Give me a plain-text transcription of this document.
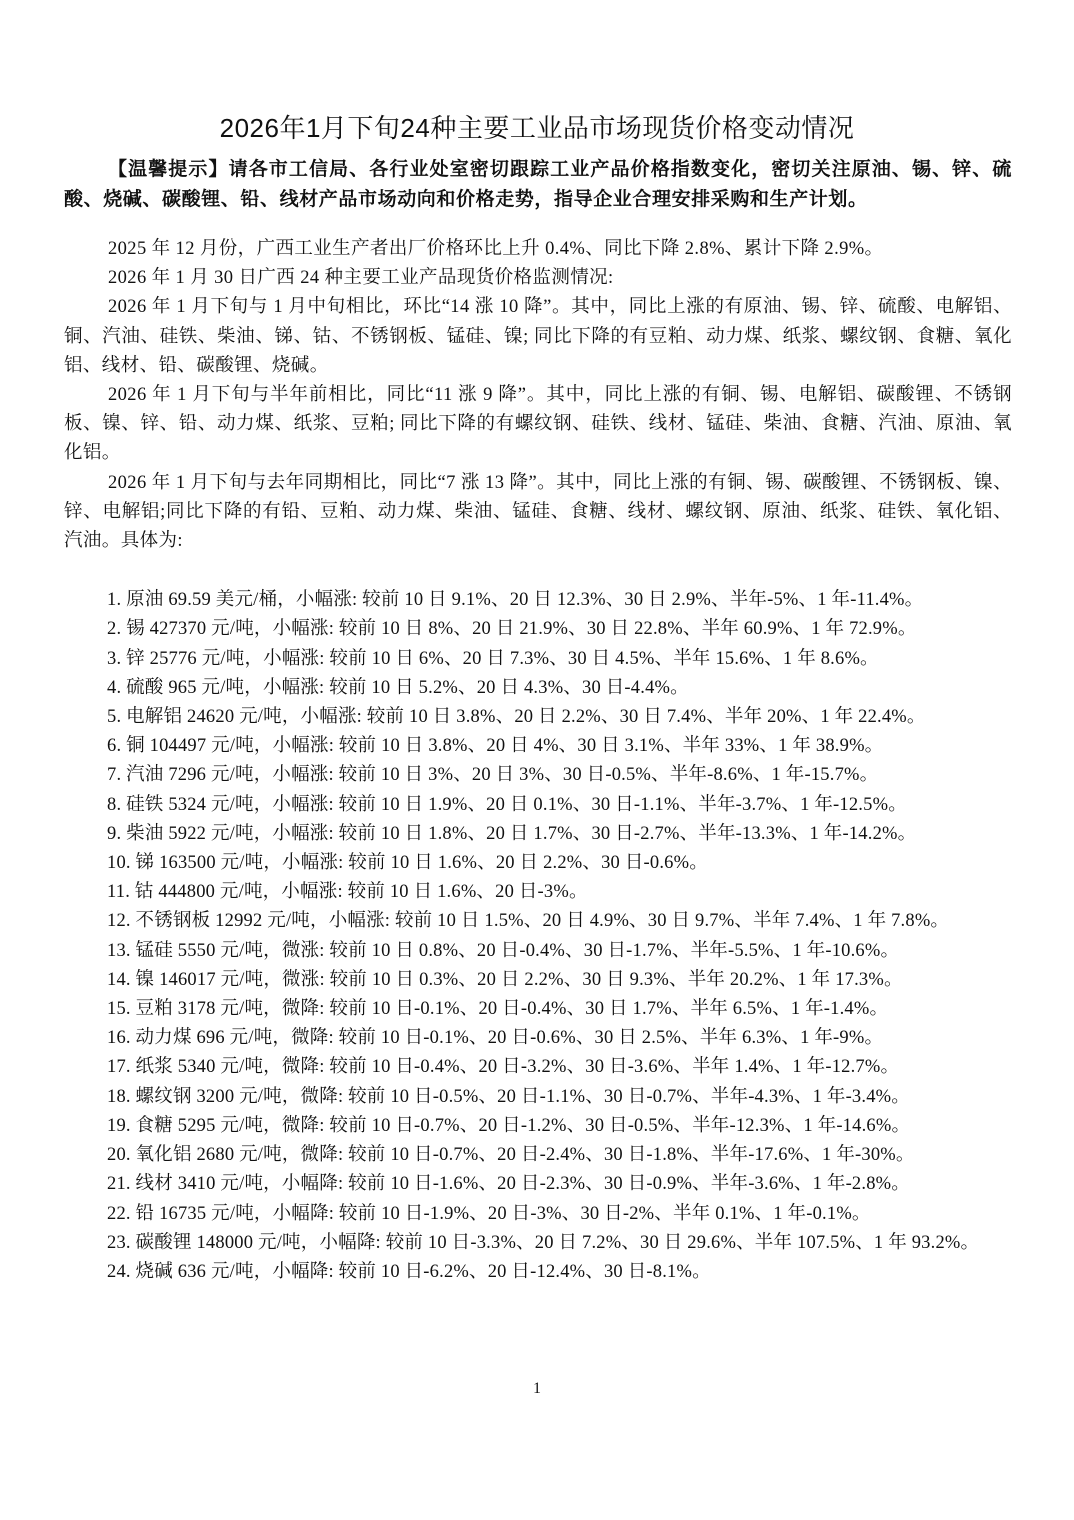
2026年1月下旬24种主要工业品市场现货价格变动情况
【温馨提示】请各市工信局、各行业处室密切跟踪工业产品价格指数变化，密切关注原油、锡、锌、硫酸、烧碱、碳酸锂、铅、线材产品市场动向和价格走势，指导企业合理安排采购和生产计划。

2025 年 12 月份，广西工业生产者出厂价格环比上升 0.4%、同比下降 2.8%、累计下降 2.9%。

2026 年 1 月 30 日广西 24 种主要工业产品现货价格监测情况:

2026 年 1 月下旬与 1 月中旬相比，环比“14 涨 10 降”。其中，同比上涨的有原油、锡、锌、硫酸、电解铝、铜、汽油、硅铁、柴油、锑、钴、不锈钢板、锰硅、镍; 同比下降的有豆粕、动力煤、纸浆、螺纹钢、食糖、氧化铝、线材、铅、碳酸锂、烧碱。

2026 年 1 月下旬与半年前相比，同比“11 涨 9 降”。其中，同比上涨的有铜、锡、电解铝、碳酸锂、不锈钢板、镍、锌、铅、动力煤、纸浆、豆粕; 同比下降的有螺纹钢、硅铁、线材、锰硅、柴油、食糖、汽油、原油、氧化铝。

2026 年 1 月下旬与去年同期相比，同比“7 涨 13 降”。其中，同比上涨的有铜、锡、碳酸锂、不锈钢板、镍、锌、电解铝;同比下降的有铅、豆粕、动力煤、柴油、锰硅、食糖、线材、螺纹钢、原油、纸浆、硅铁、氧化铝、汽油。具体为:

1. 原油 69.59 美元/桶，小幅涨: 较前 10 日 9.1%、20 日 12.3%、30 日 2.9%、半年-5%、1 年-11.4%。
2. 锡 427370 元/吨，小幅涨: 较前 10 日 8%、20 日 21.9%、30 日 22.8%、半年 60.9%、1 年 72.9%。
3. 锌 25776 元/吨，小幅涨: 较前 10 日 6%、20 日 7.3%、30 日 4.5%、半年 15.6%、1 年 8.6%。
4. 硫酸 965 元/吨，小幅涨: 较前 10 日 5.2%、20 日 4.3%、30 日-4.4%。
5. 电解铝 24620 元/吨，小幅涨: 较前 10 日 3.8%、20 日 2.2%、30 日 7.4%、半年 20%、1 年 22.4%。
6. 铜 104497 元/吨，小幅涨: 较前 10 日 3.8%、20 日 4%、30 日 3.1%、半年 33%、1 年 38.9%。
7. 汽油 7296 元/吨，小幅涨: 较前 10 日 3%、20 日 3%、30 日-0.5%、半年-8.6%、1 年-15.7%。
8. 硅铁 5324 元/吨，小幅涨: 较前 10 日 1.9%、20 日 0.1%、30 日-1.1%、半年-3.7%、1 年-12.5%。
9. 柴油 5922 元/吨，小幅涨: 较前 10 日 1.8%、20 日 1.7%、30 日-2.7%、半年-13.3%、1 年-14.2%。
10. 锑 163500 元/吨，小幅涨: 较前 10 日 1.6%、20 日 2.2%、30 日-0.6%。
11. 钴 444800 元/吨，小幅涨: 较前 10 日 1.6%、20 日-3%。
12. 不锈钢板 12992 元/吨，小幅涨: 较前 10 日 1.5%、20 日 4.9%、30 日 9.7%、半年 7.4%、1 年 7.8%。
13. 锰硅 5550 元/吨，微涨: 较前 10 日 0.8%、20 日-0.4%、30 日-1.7%、半年-5.5%、1 年-10.6%。
14. 镍 146017 元/吨，微涨: 较前 10 日 0.3%、20 日 2.2%、30 日 9.3%、半年 20.2%、1 年 17.3%。
15. 豆粕 3178 元/吨，微降: 较前 10 日-0.1%、20 日-0.4%、30 日 1.7%、半年 6.5%、1 年-1.4%。
16. 动力煤 696 元/吨，微降: 较前 10 日-0.1%、20 日-0.6%、30 日 2.5%、半年 6.3%、1 年-9%。
17. 纸浆 5340 元/吨，微降: 较前 10 日-0.4%、20 日-3.2%、30 日-3.6%、半年 1.4%、1 年-12.7%。
18. 螺纹钢 3200 元/吨，微降: 较前 10 日-0.5%、20 日-1.1%、30 日-0.7%、半年-4.3%、1 年-3.4%。
19. 食糖 5295 元/吨，微降: 较前 10 日-0.7%、20 日-1.2%、30 日-0.5%、半年-12.3%、1 年-14.6%。
20. 氧化铝 2680 元/吨，微降: 较前 10 日-0.7%、20 日-2.4%、30 日-1.8%、半年-17.6%、1 年-30%。
21. 线材 3410 元/吨，小幅降: 较前 10 日-1.6%、20 日-2.3%、30 日-0.9%、半年-3.6%、1 年-2.8%。
22. 铅 16735 元/吨，小幅降: 较前 10 日-1.9%、20 日-3%、30 日-2%、半年 0.1%、1 年-0.1%。
23. 碳酸锂 148000 元/吨，小幅降: 较前 10 日-3.3%、20 日 7.2%、30 日 29.6%、半年 107.5%、1 年 93.2%。
24. 烧碱 636 元/吨，小幅降: 较前 10 日-6.2%、20 日-12.4%、30 日-8.1%。
1
